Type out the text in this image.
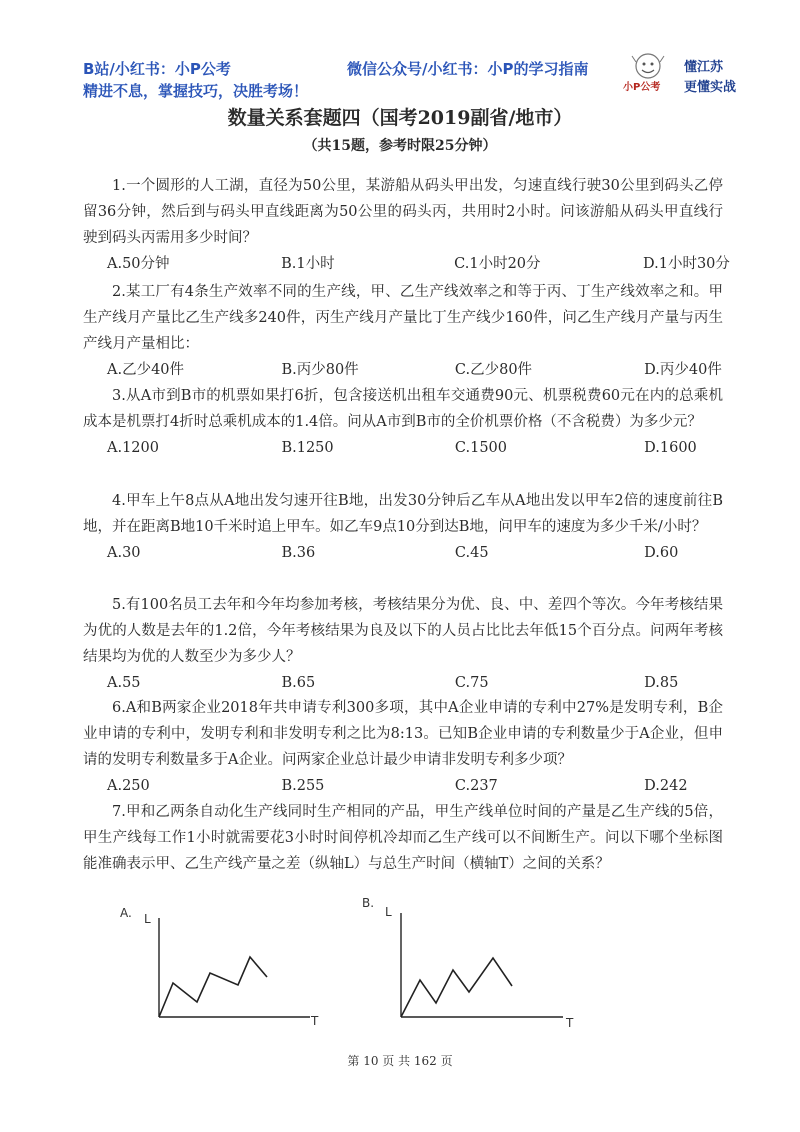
B站/小红书：小P公考
精进不息，掌握技巧，决胜考场！
微信公众号/小红书：小P的学习指南
小P公考
懂江苏
更懂实战
数量关系套题四（国考2019副省/地市）
（共15题，参考时限25分钟）

1.一个圆形的人工湖，直径为50公里，某游船从码头甲出发，匀速直线行驶30公里到码头乙停留36分钟，然后到与码头甲直线距离为50公里的码头丙，共用时2小时。问该游船从码头甲直线行驶到码头丙需用多少时间？

A.50分钟	B.1小时	C.1小时20分	D.1小时30分

2.某工厂有4条生产效率不同的生产线，甲、乙生产线效率之和等于丙、丁生产线效率之和。甲生产线月产量比乙生产线多240件，丙生产线月产量比丁生产线少160件，问乙生产线月产量与丙生产线月产量相比：

A.乙少40件	B.丙少80件	C.乙少80件	D.丙少40件

3.从A市到B市的机票如果打6折，包含接送机出租车交通费90元、机票税费60元在内的总乘机成本是机票打4折时总乘机成本的1.4倍。问从A市到B市的全价机票价格（不含税费）为多少元？

A.1200	B.1250	C.1500	D.1600

4.甲车上午8点从A地出发匀速开往B地，出发30分钟后乙车从A地出发以甲车2倍的速度前往B地，并在距离B地10千米时追上甲车。如乙车9点10分到达B地，问甲车的速度为多少千米/小时？

A.30	B.36	C.45	D.60

5.有100名员工去年和今年均参加考核，考核结果分为优、良、中、差四个等次。今年考核结果为优的人数是去年的1.2倍，今年考核结果为良及以下的人员占比比去年低15个百分点。问两年考核结果均为优的人数至少为多少人？

A.55	B.65	C.75	D.85

6.A和B两家企业2018年共申请专利300多项，其中A企业申请的专利中27%是发明专利，B企业申请的专利中，发明专利和非发明专利之比为8:13。已知B企业申请的专利数量少于A企业，但申请的发明专利数量多于A企业。问两家企业总计最少申请非发明专利多少项？

A.250	B.255	C.237	D.242

7.甲和乙两条自动化生产线同时生产相同的产品，甲生产线单位时间的产量是乙生产线的5倍，甲生产线每工作1小时就需要花3小时时间停机冷却而乙生产线可以不间断生产。问以下哪个坐标图能准确表示甲、乙生产线产量之差（纵轴L）与总生产时间（横轴T）之间的关系？

A. L
T
B.
L
T
第 10 页 共 162 页
